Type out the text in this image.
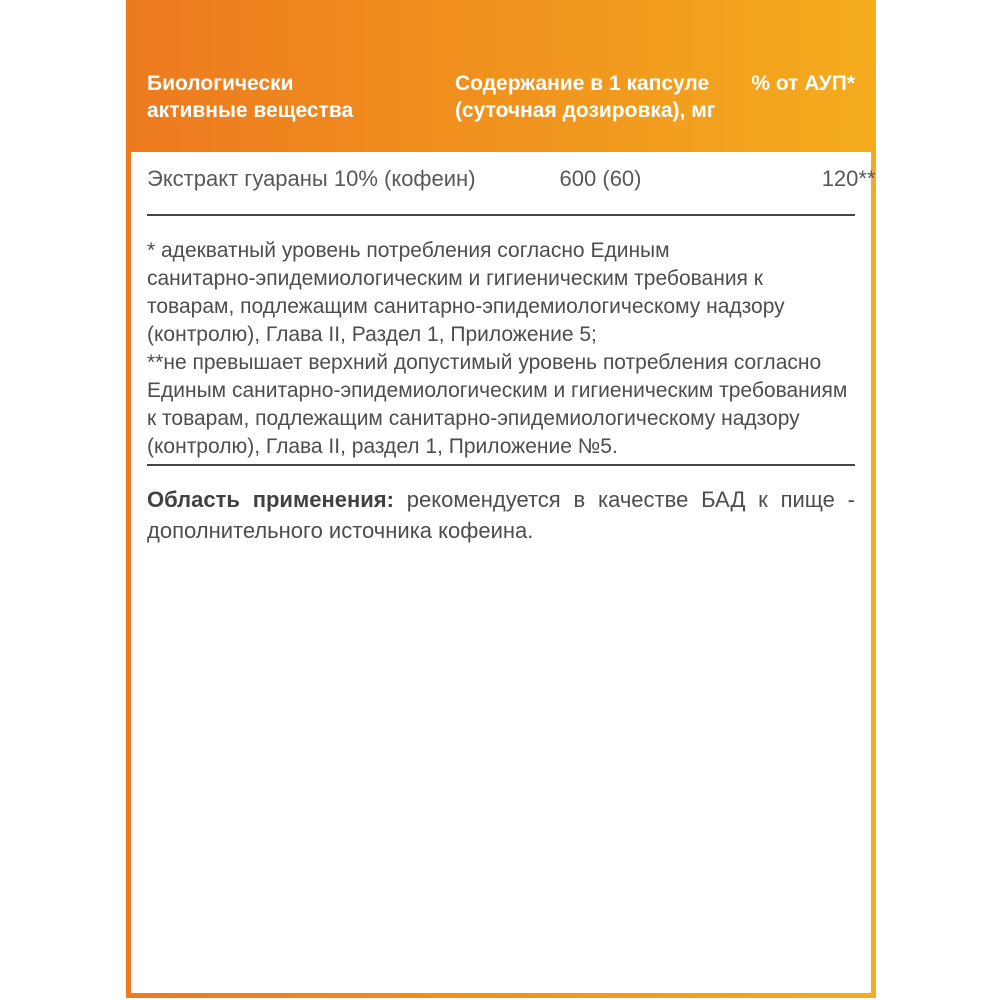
Биологически
активные вещества
Содержание в 1 капсуле
(суточная дозировка), мг
% от АУП*
Экстракт гуараны 10% (кофеин)	600 (60)	120**
* адекватный уровень потребления согласно Единым
санитарно-эпидемиологическим и гигиеническим требования к
товарам, подлежащим санитарно-эпидемиологическому надзору
(контролю), Глава II, Раздел 1, Приложение 5;
**не превышает верхний допустимый уровень потребления согласно
Единым санитарно-эпидемиологическим и гигиеническим требованиям
к товарам, подлежащим санитарно-эпидемиологическому надзору
(контролю), Глава II, раздел 1, Приложение №5.
Область применения: рекомендуется в качестве БАД к пище -
дополнительного источника кофеина.
